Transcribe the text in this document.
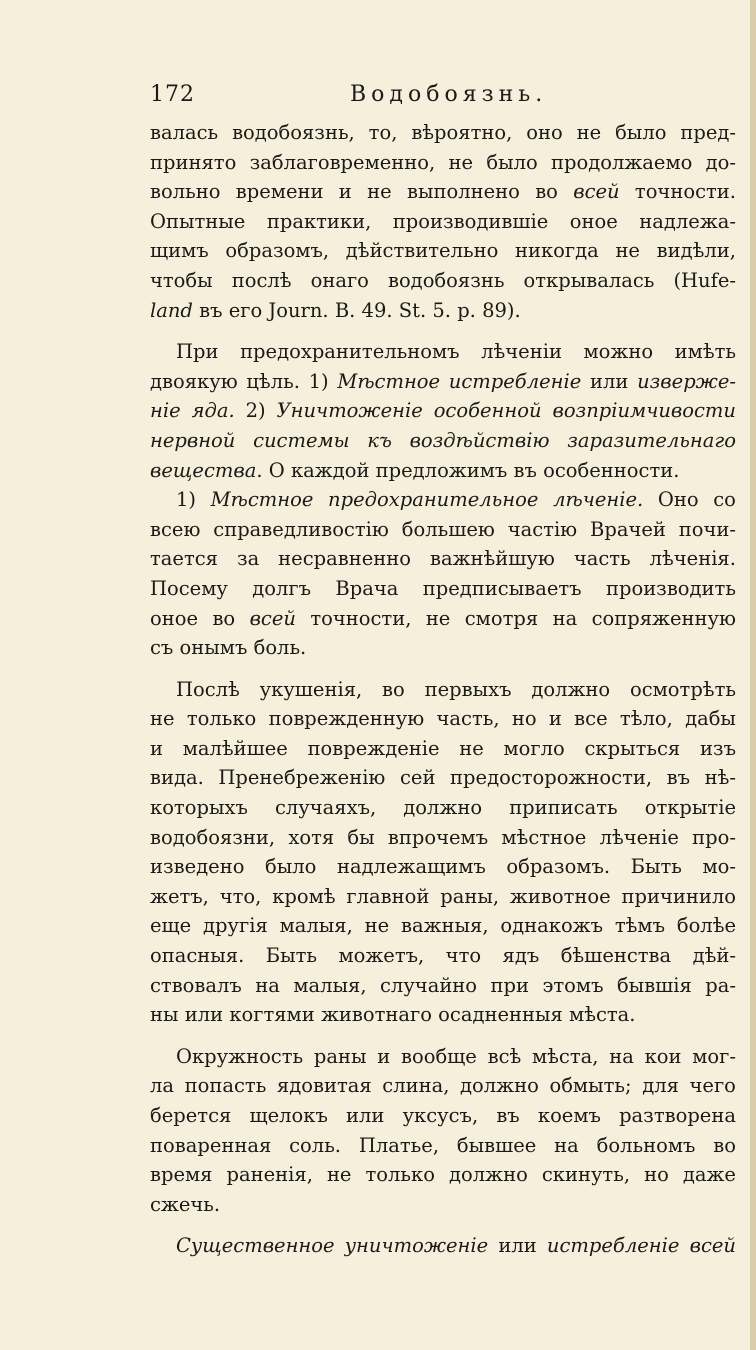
172	Водобоязнь.
валась водобоязнь, то, вѣроятно, оно не было пред-
принято заблаговременно, не было продолжаемо до-
вольно времени и не выполнено во всей точности.
Опытные практики, производившіе оное надлежа-
щимъ образомъ, дѣйствительно никогда не видѣли,
чтобы послѣ онаго водобоязнь открывалась (Hufe-
land въ его Journ. B. 49. St. 5. p. 89).
При предохранительномъ лѣченіи можно имѣть
двоякую цѣль. 1) Мѣстное истребленіе или изверже-
ніе яда. 2) Уничтоженіе особенной возпріимчивости
нервной системы къ воздѣйствію заразительнаго
вещества. О каждой предложимъ въ особенности.
1) Мѣстное предохранительное лѣченіе. Оно со
всею справедливостію большею частію Врачей почи-
тается за несравненно важнѣйшую часть лѣченія.
Посему долгъ Врача предписываетъ производить
оное во всей точности, не смотря на сопряженную
съ онымъ боль.
Послѣ укушенія, во первыхъ должно осмотрѣть
не только поврежденную часть, но и все тѣло, дабы
и малѣйшее поврежденіе не могло скрыться изъ
вида. Пренебреженію сей предосторожности, въ нѣ-
которыхъ случаяхъ, должно приписать открытіе
водобоязни, хотя бы впрочемъ мѣстное лѣченіе про-
изведено было надлежащимъ образомъ. Быть мо-
жетъ, что, кромѣ главной раны, животное причинило
еще другія малыя, не важныя, однакожъ тѣмъ болѣе
опасныя. Быть можетъ, что ядъ бѣшенства дѣй-
ствовалъ на малыя, случайно при этомъ бывшія ра-
ны или когтями животнаго осадненныя мѣста.
Окружность раны и вообще всѣ мѣста, на кои мог-
ла попасть ядовитая слина, должно обмыть; для чего
берется щелокъ или уксусъ, въ коемъ разтворена
поваренная соль. Платье, бывшее на больномъ во
время раненія, не только должно скинуть, но даже
сжечь.
Существенное уничтоженіе или истребленіе всей
